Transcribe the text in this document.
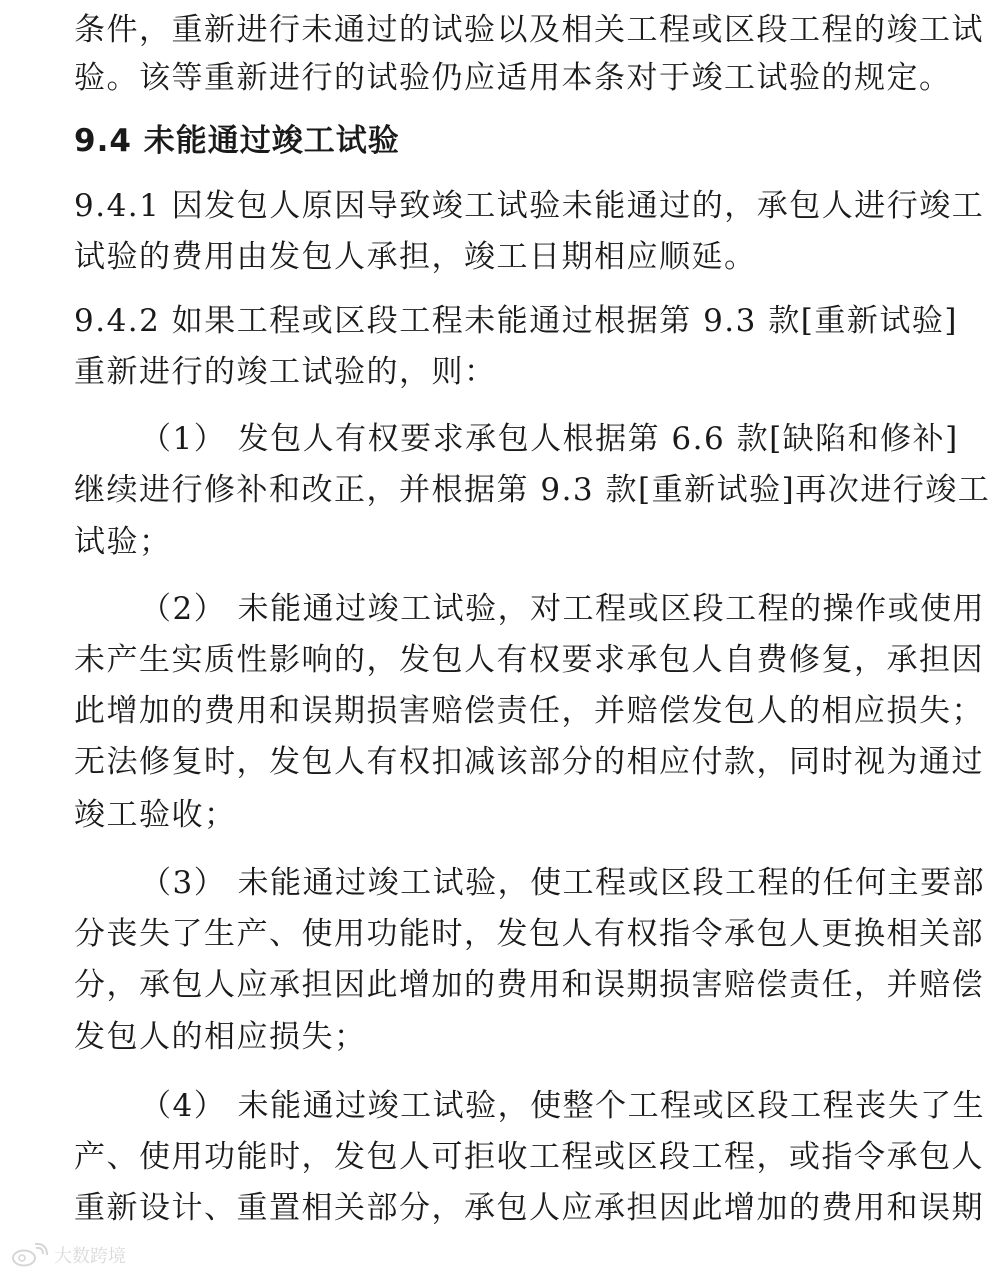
条件，重新进行未通过的试验以及相关工程或区段工程的竣工试
验。该等重新进行的试验仍应适用本条对于竣工试验的规定。
9.4 未能通过竣工试验
9.4.1 因发包人原因导致竣工试验未能通过的，承包人进行竣工
试验的费用由发包人承担，竣工日期相应顺延。
9.4.2 如果工程或区段工程未能通过根据第 9.3 款[重新试验]
重新进行的竣工试验的，则：
（1） 发包人有权要求承包人根据第 6.6 款[缺陷和修补]
继续进行修补和改正，并根据第 9.3 款[重新试验]再次进行竣工
试验；
（2） 未能通过竣工试验，对工程或区段工程的操作或使用
未产生实质性影响的，发包人有权要求承包人自费修复，承担因
此增加的费用和误期损害赔偿责任，并赔偿发包人的相应损失；
无法修复时，发包人有权扣减该部分的相应付款，同时视为通过
竣工验收；
（3） 未能通过竣工试验，使工程或区段工程的任何主要部
分丧失了生产、使用功能时，发包人有权指令承包人更换相关部
分，承包人应承担因此增加的费用和误期损害赔偿责任，并赔偿
发包人的相应损失；
（4） 未能通过竣工试验，使整个工程或区段工程丧失了生
产、使用功能时，发包人可拒收工程或区段工程，或指令承包人
重新设计、重置相关部分，承包人应承担因此增加的费用和误期
大数跨境
